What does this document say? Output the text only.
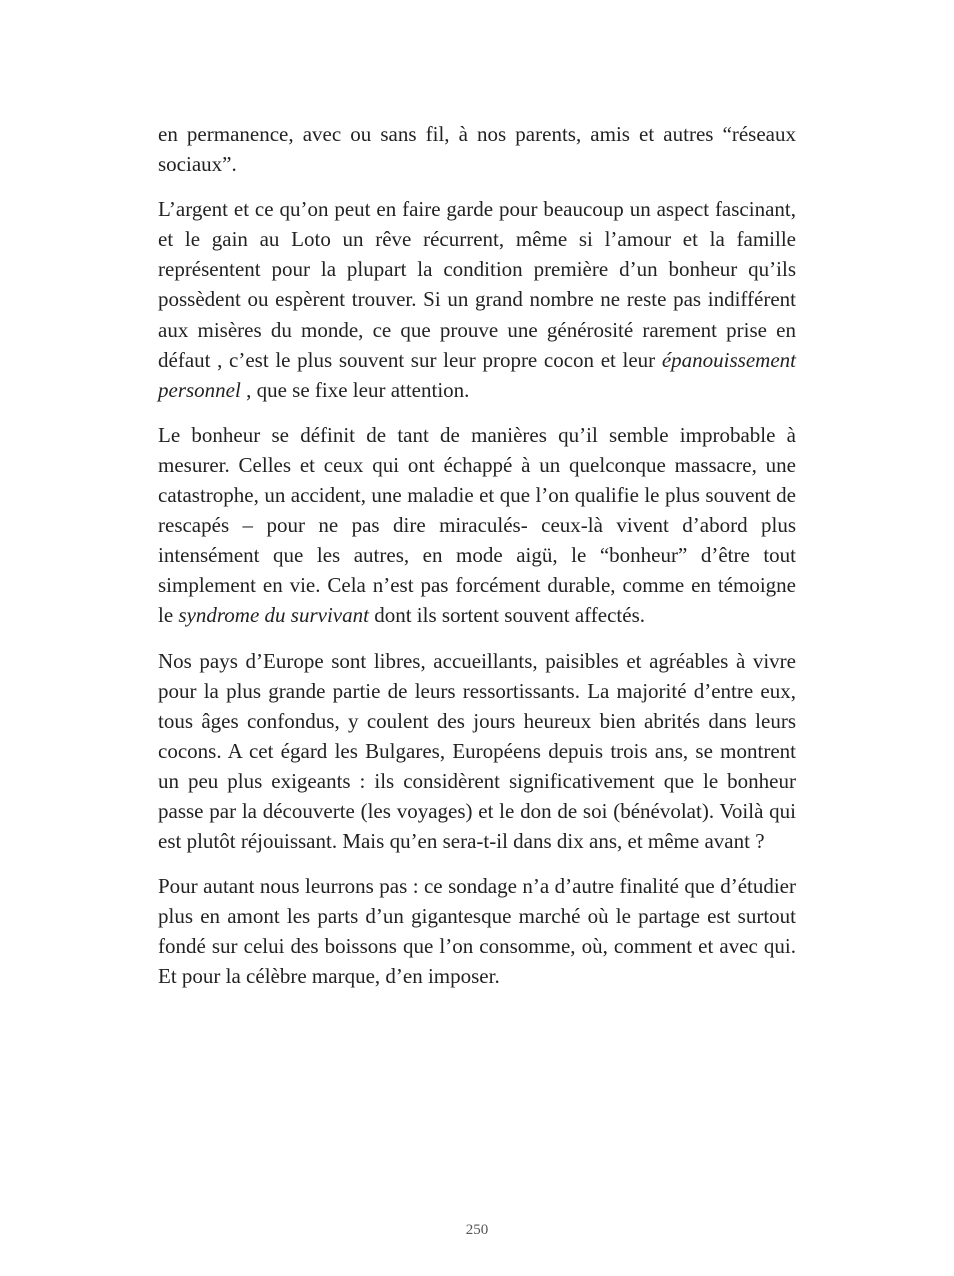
en permanence, avec ou sans fil, à nos parents, amis et autres “réseaux sociaux”.

L’argent et ce qu’on peut en faire garde pour beaucoup un aspect fascinant, et le gain au Loto un rêve récurrent, même si l’amour et la famille représentent pour la plupart la condition première d’un bonheur qu’ils possèdent ou espèrent trouver. Si un grand nombre ne reste pas indifférent aux misères du monde, ce que prouve une générosité rarement prise en défaut , c’est le plus souvent sur leur propre cocon et leur épanouissement personnel , que se fixe leur attention.

Le bonheur se définit de tant de manières qu’il semble improbable à mesurer. Celles et ceux qui ont échappé à un quelconque massacre, une catastrophe, un accident, une maladie et que l’on qualifie le plus souvent de rescapés – pour ne pas dire miraculés- ceux-là vivent d’abord plus intensément que les autres, en mode aigü, le “bonheur” d’être tout simplement en vie. Cela n’est pas forcément durable, comme en témoigne le syndrome du survivant dont ils sortent souvent affectés.

Nos pays d’Europe sont libres, accueillants, paisibles et agréables à vivre pour la plus grande partie de leurs ressortissants. La majorité d’entre eux, tous âges confondus, y coulent des jours heureux bien abrités dans leurs cocons. A cet égard les Bulgares, Européens depuis trois ans, se montrent un peu plus exigeants : ils considèrent significativement que le bonheur passe par la découverte (les voyages) et le don de soi (bénévolat). Voilà qui est plutôt réjouissant. Mais qu’en sera-t-il dans dix ans, et même avant ?

Pour autant nous leurrons pas : ce sondage n’a d’autre finalité que d’étudier plus en amont les parts d’un gigantesque marché où le partage est surtout fondé sur celui des boissons que l’on consomme, où, comment et avec qui. Et pour la célèbre marque, d’en imposer.

250
